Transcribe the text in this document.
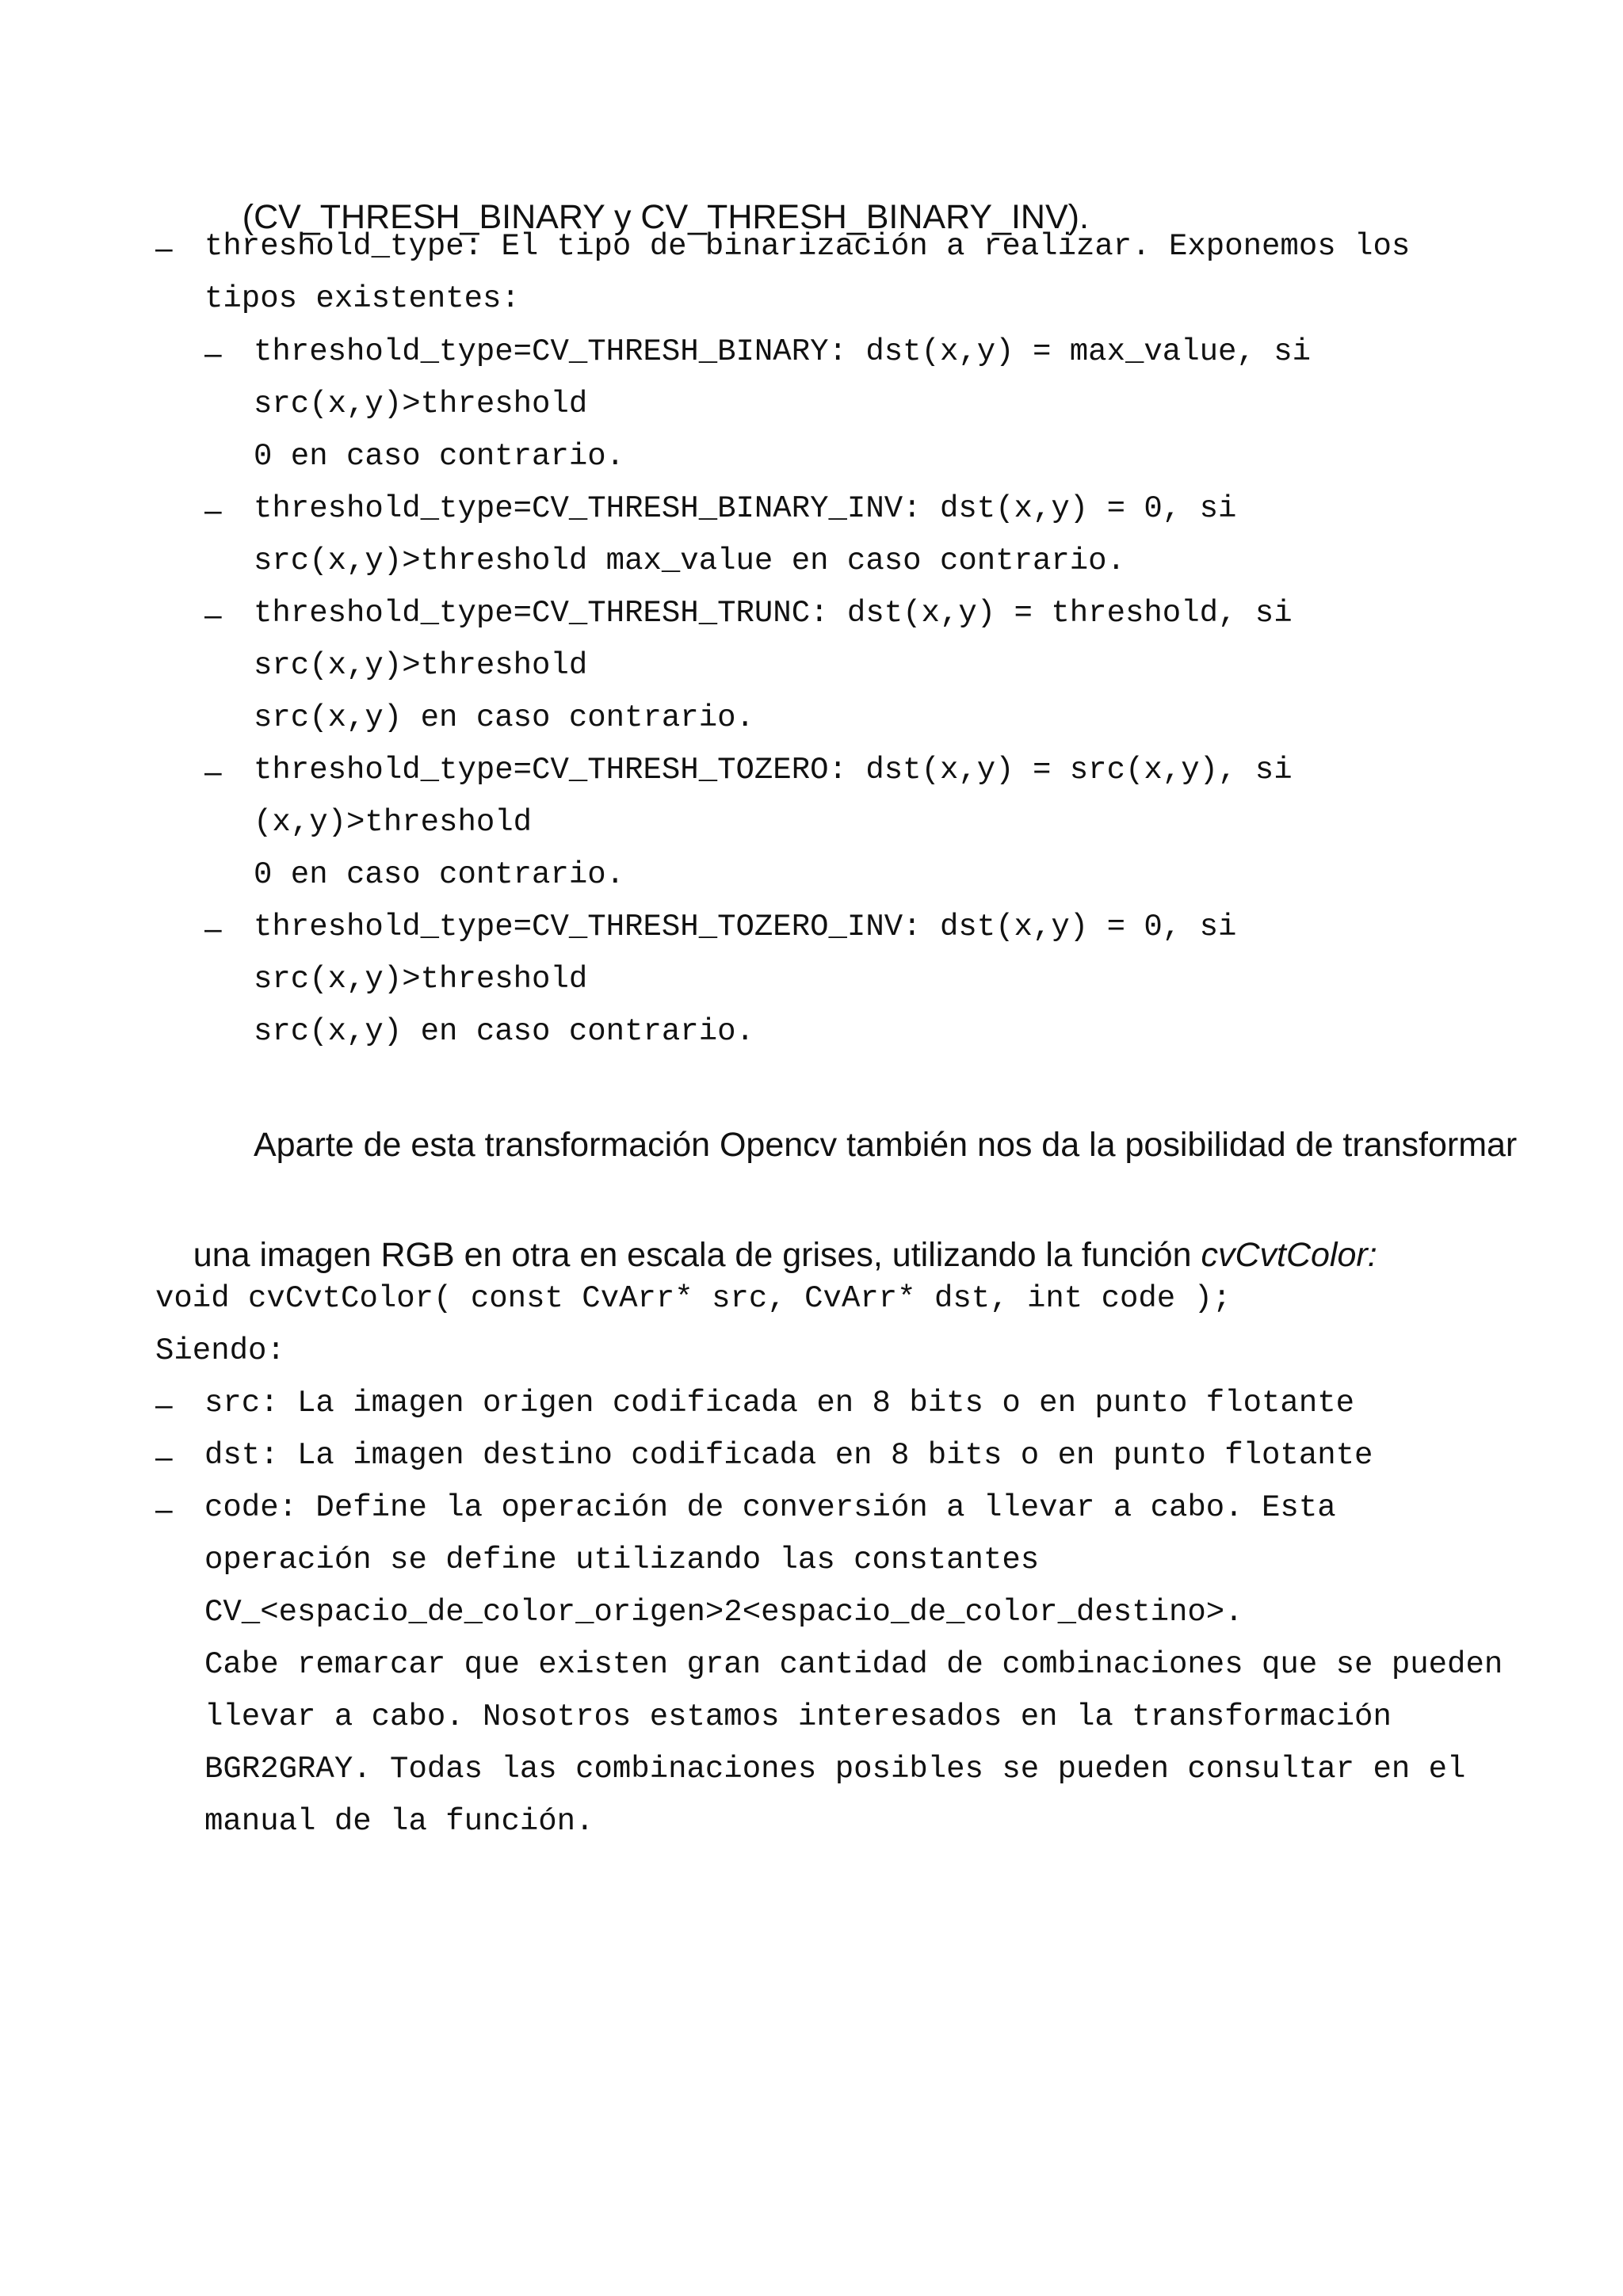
(CV_THRESH_BINARY y CV_THRESH_BINARY_INV).

– threshold_type: El tipo de binarización a realizar. Exponemos los
tipos existentes:
– threshold_type=CV_THRESH_BINARY: dst(x,y) = max_value, si
src(x,y)>threshold
0 en caso contrario.
– threshold_type=CV_THRESH_BINARY_INV: dst(x,y) = 0, si
src(x,y)>threshold max_value en caso contrario.
– threshold_type=CV_THRESH_TRUNC: dst(x,y) = threshold, si
src(x,y)>threshold
src(x,y) en caso contrario.
– threshold_type=CV_THRESH_TOZERO: dst(x,y) = src(x,y), si
(x,y)>threshold
0 en caso contrario.
– threshold_type=CV_THRESH_TOZERO_INV: dst(x,y) = 0, si
src(x,y)>threshold
src(x,y) en caso contrario.
Aparte de esta transformación Opencv también nos da la posibilidad de transformar

una imagen RGB en otra en escala de grises, utilizando la función cvCvtColor:

void cvCvtColor( const CvArr* src, CvArr* dst, int code );
Siendo:
– src: La imagen origen codificada en 8 bits o en punto flotante
– dst: La imagen destino codificada en 8 bits o en punto flotante
– code: Define la operación de conversión a llevar a cabo. Esta
operación se define utilizando las constantes
CV_<espacio_de_color_origen>2<espacio_de_color_destino>.
Cabe remarcar que existen gran cantidad de combinaciones que se pueden
llevar a cabo. Nosotros estamos interesados en la transformación
BGR2GRAY. Todas las combinaciones posibles se pueden consultar en el
manual de la función.
